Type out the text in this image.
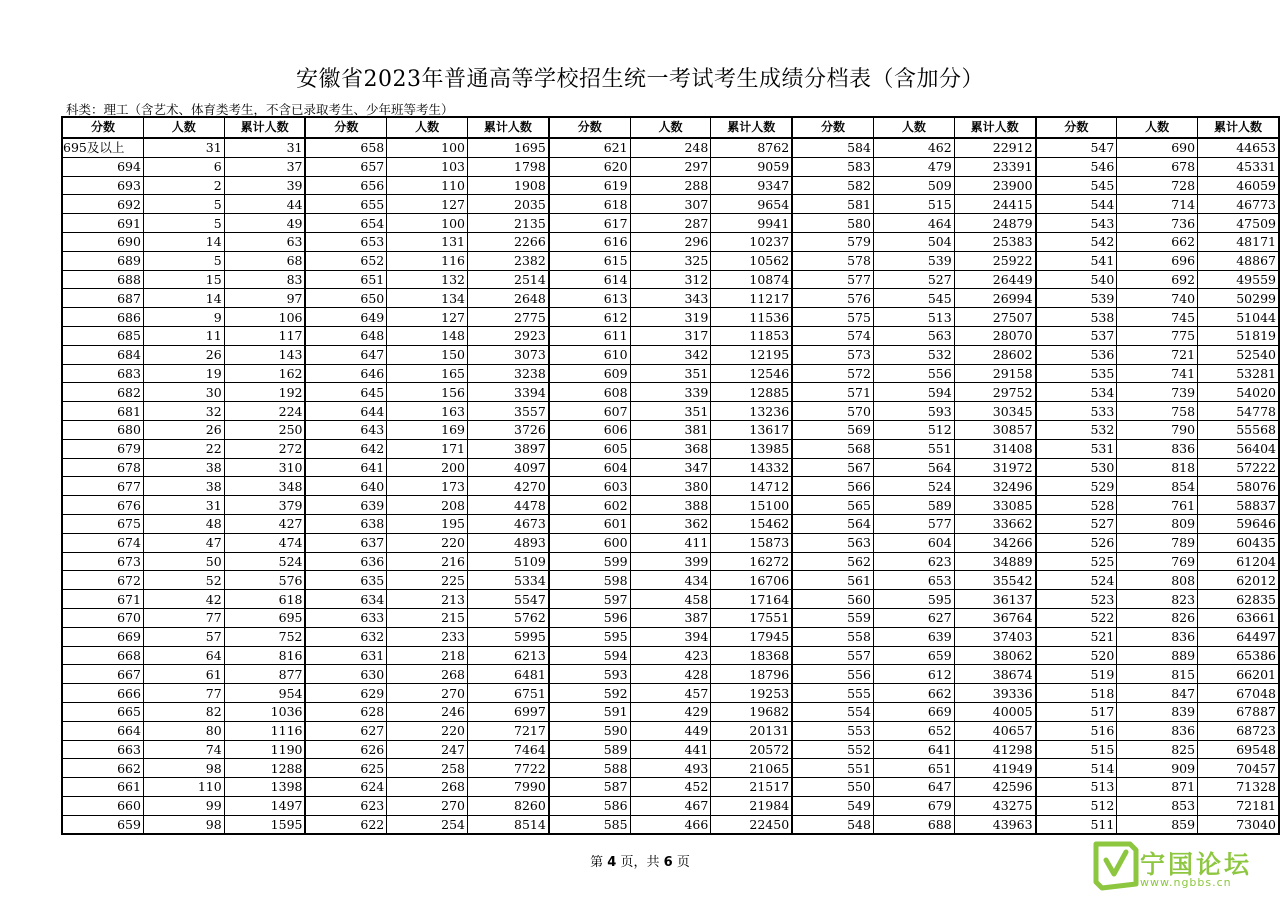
安徽省2023年普通高等学校招生统一考试考生成绩分档表（含加分）
科类：理工（含艺术、体育类考生，不含已录取考生、少年班等考生）
分数	人数	累计人数	分数	人数	累计人数	分数	人数	累计人数	分数	人数	累计人数	分数	人数	累计人数
695及以上	31	31	658	100	1695	621	248	8762	584	462	22912	547	690	44653
694	6	37	657	103	1798	620	297	9059	583	479	23391	546	678	45331
693	2	39	656	110	1908	619	288	9347	582	509	23900	545	728	46059
692	5	44	655	127	2035	618	307	9654	581	515	24415	544	714	46773
691	5	49	654	100	2135	617	287	9941	580	464	24879	543	736	47509
690	14	63	653	131	2266	616	296	10237	579	504	25383	542	662	48171
689	5	68	652	116	2382	615	325	10562	578	539	25922	541	696	48867
688	15	83	651	132	2514	614	312	10874	577	527	26449	540	692	49559
687	14	97	650	134	2648	613	343	11217	576	545	26994	539	740	50299
686	9	106	649	127	2775	612	319	11536	575	513	27507	538	745	51044
685	11	117	648	148	2923	611	317	11853	574	563	28070	537	775	51819
684	26	143	647	150	3073	610	342	12195	573	532	28602	536	721	52540
683	19	162	646	165	3238	609	351	12546	572	556	29158	535	741	53281
682	30	192	645	156	3394	608	339	12885	571	594	29752	534	739	54020
681	32	224	644	163	3557	607	351	13236	570	593	30345	533	758	54778
680	26	250	643	169	3726	606	381	13617	569	512	30857	532	790	55568
679	22	272	642	171	3897	605	368	13985	568	551	31408	531	836	56404
678	38	310	641	200	4097	604	347	14332	567	564	31972	530	818	57222
677	38	348	640	173	4270	603	380	14712	566	524	32496	529	854	58076
676	31	379	639	208	4478	602	388	15100	565	589	33085	528	761	58837
675	48	427	638	195	4673	601	362	15462	564	577	33662	527	809	59646
674	47	474	637	220	4893	600	411	15873	563	604	34266	526	789	60435
673	50	524	636	216	5109	599	399	16272	562	623	34889	525	769	61204
672	52	576	635	225	5334	598	434	16706	561	653	35542	524	808	62012
671	42	618	634	213	5547	597	458	17164	560	595	36137	523	823	62835
670	77	695	633	215	5762	596	387	17551	559	627	36764	522	826	63661
669	57	752	632	233	5995	595	394	17945	558	639	37403	521	836	64497
668	64	816	631	218	6213	594	423	18368	557	659	38062	520	889	65386
667	61	877	630	268	6481	593	428	18796	556	612	38674	519	815	66201
666	77	954	629	270	6751	592	457	19253	555	662	39336	518	847	67048
665	82	1036	628	246	6997	591	429	19682	554	669	40005	517	839	67887
664	80	1116	627	220	7217	590	449	20131	553	652	40657	516	836	68723
663	74	1190	626	247	7464	589	441	20572	552	641	41298	515	825	69548
662	98	1288	625	258	7722	588	493	21065	551	651	41949	514	909	70457
661	110	1398	624	268	7990	587	452	21517	550	647	42596	513	871	71328
660	99	1497	623	270	8260	586	467	21984	549	679	43275	512	853	72181
659	98	1595	622	254	8514	585	466	22450	548	688	43963	511	859	73040
第 4 页，共 6 页	宁国论坛
www.ngbbs.cn
